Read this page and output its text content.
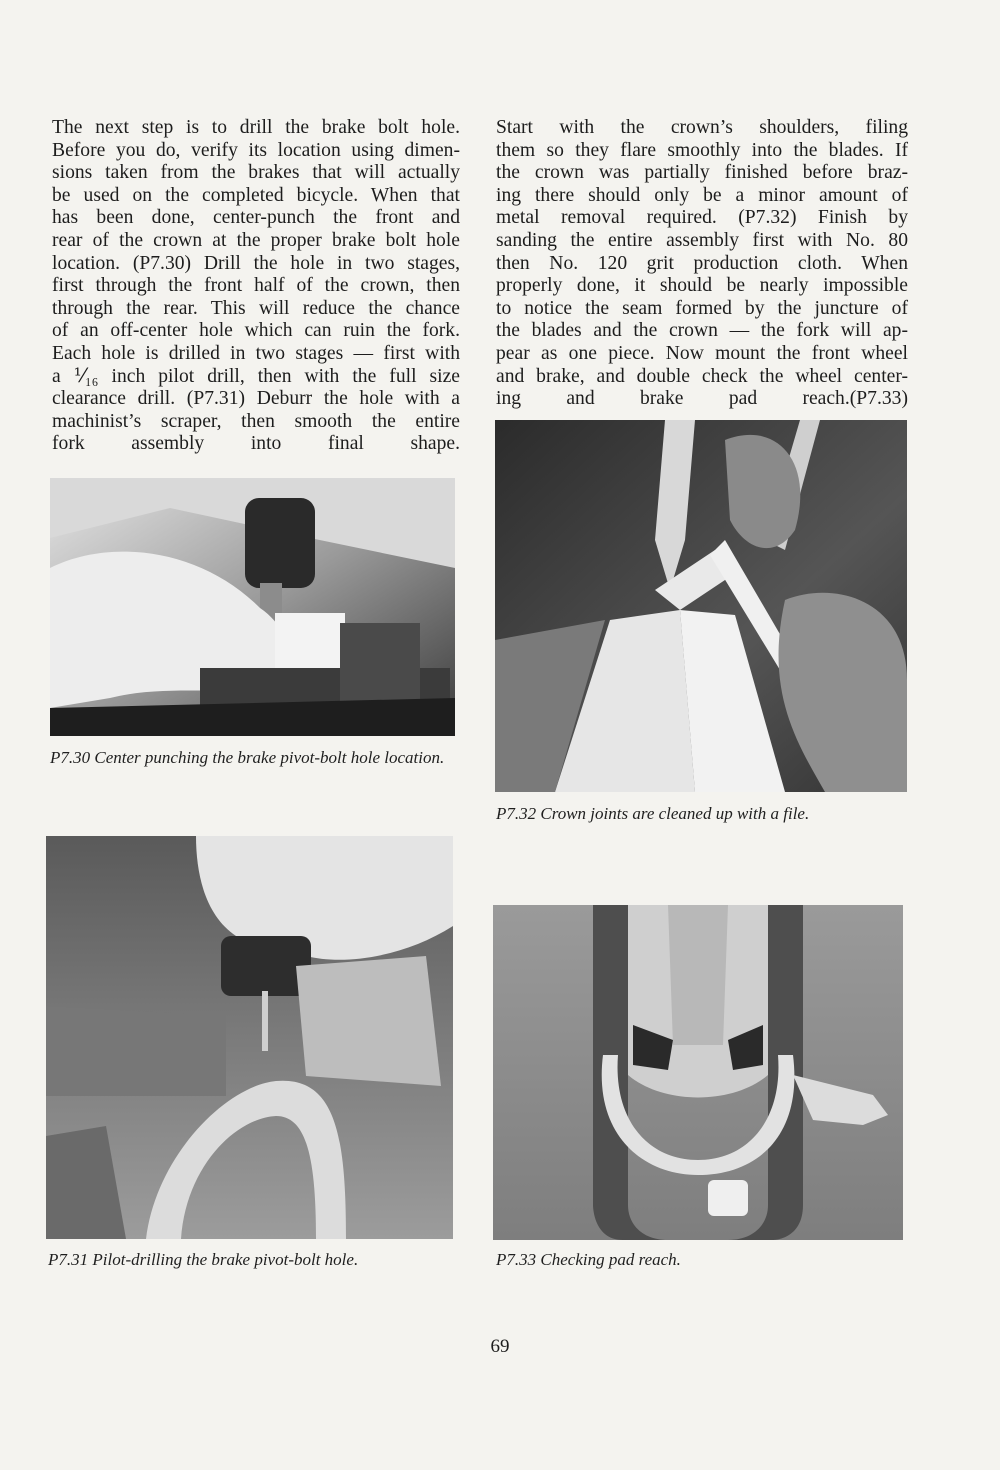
The next step is to drill the brake bolt hole.
Before you do, verify its location using dimen-
sions taken from the brakes that will actually
be used on the completed bicycle. When that
has been done, center-punch the front and
rear of the crown at the proper brake bolt hole
location. (P7.30) Drill the hole in two stages,
first through the front half of the crown, then
through the rear. This will reduce the chance
of an off-center hole which can ruin the fork.
Each hole is drilled in two stages — first with
a ⅟₁₆ inch pilot drill, then with the full size
clearance drill. (P7.31) Deburr the hole with a
machinist’s scraper, then smooth the entire
fork assembly into final shape.
Start with the crown’s shoulders, filing
them so they flare smoothly into the blades. If
the crown was partially finished before braz-
ing there should only be a minor amount of
metal removal required. (P7.32) Finish by
sanding the entire assembly first with No. 80
then No. 120 grit production cloth. When
properly done, it should be nearly impossible
to notice the seam formed by the juncture of
the blades and the crown — the fork will ap-
pear as one piece. Now mount the front wheel
and brake, and double check the wheel center-
ing and brake pad reach.(P7.33)
P7.30 Center punching the brake pivot-bolt hole location.
P7.31 Pilot-drilling the brake pivot-bolt hole.
P7.32 Crown joints are cleaned up with a file.
P7.33 Checking pad reach.
69
